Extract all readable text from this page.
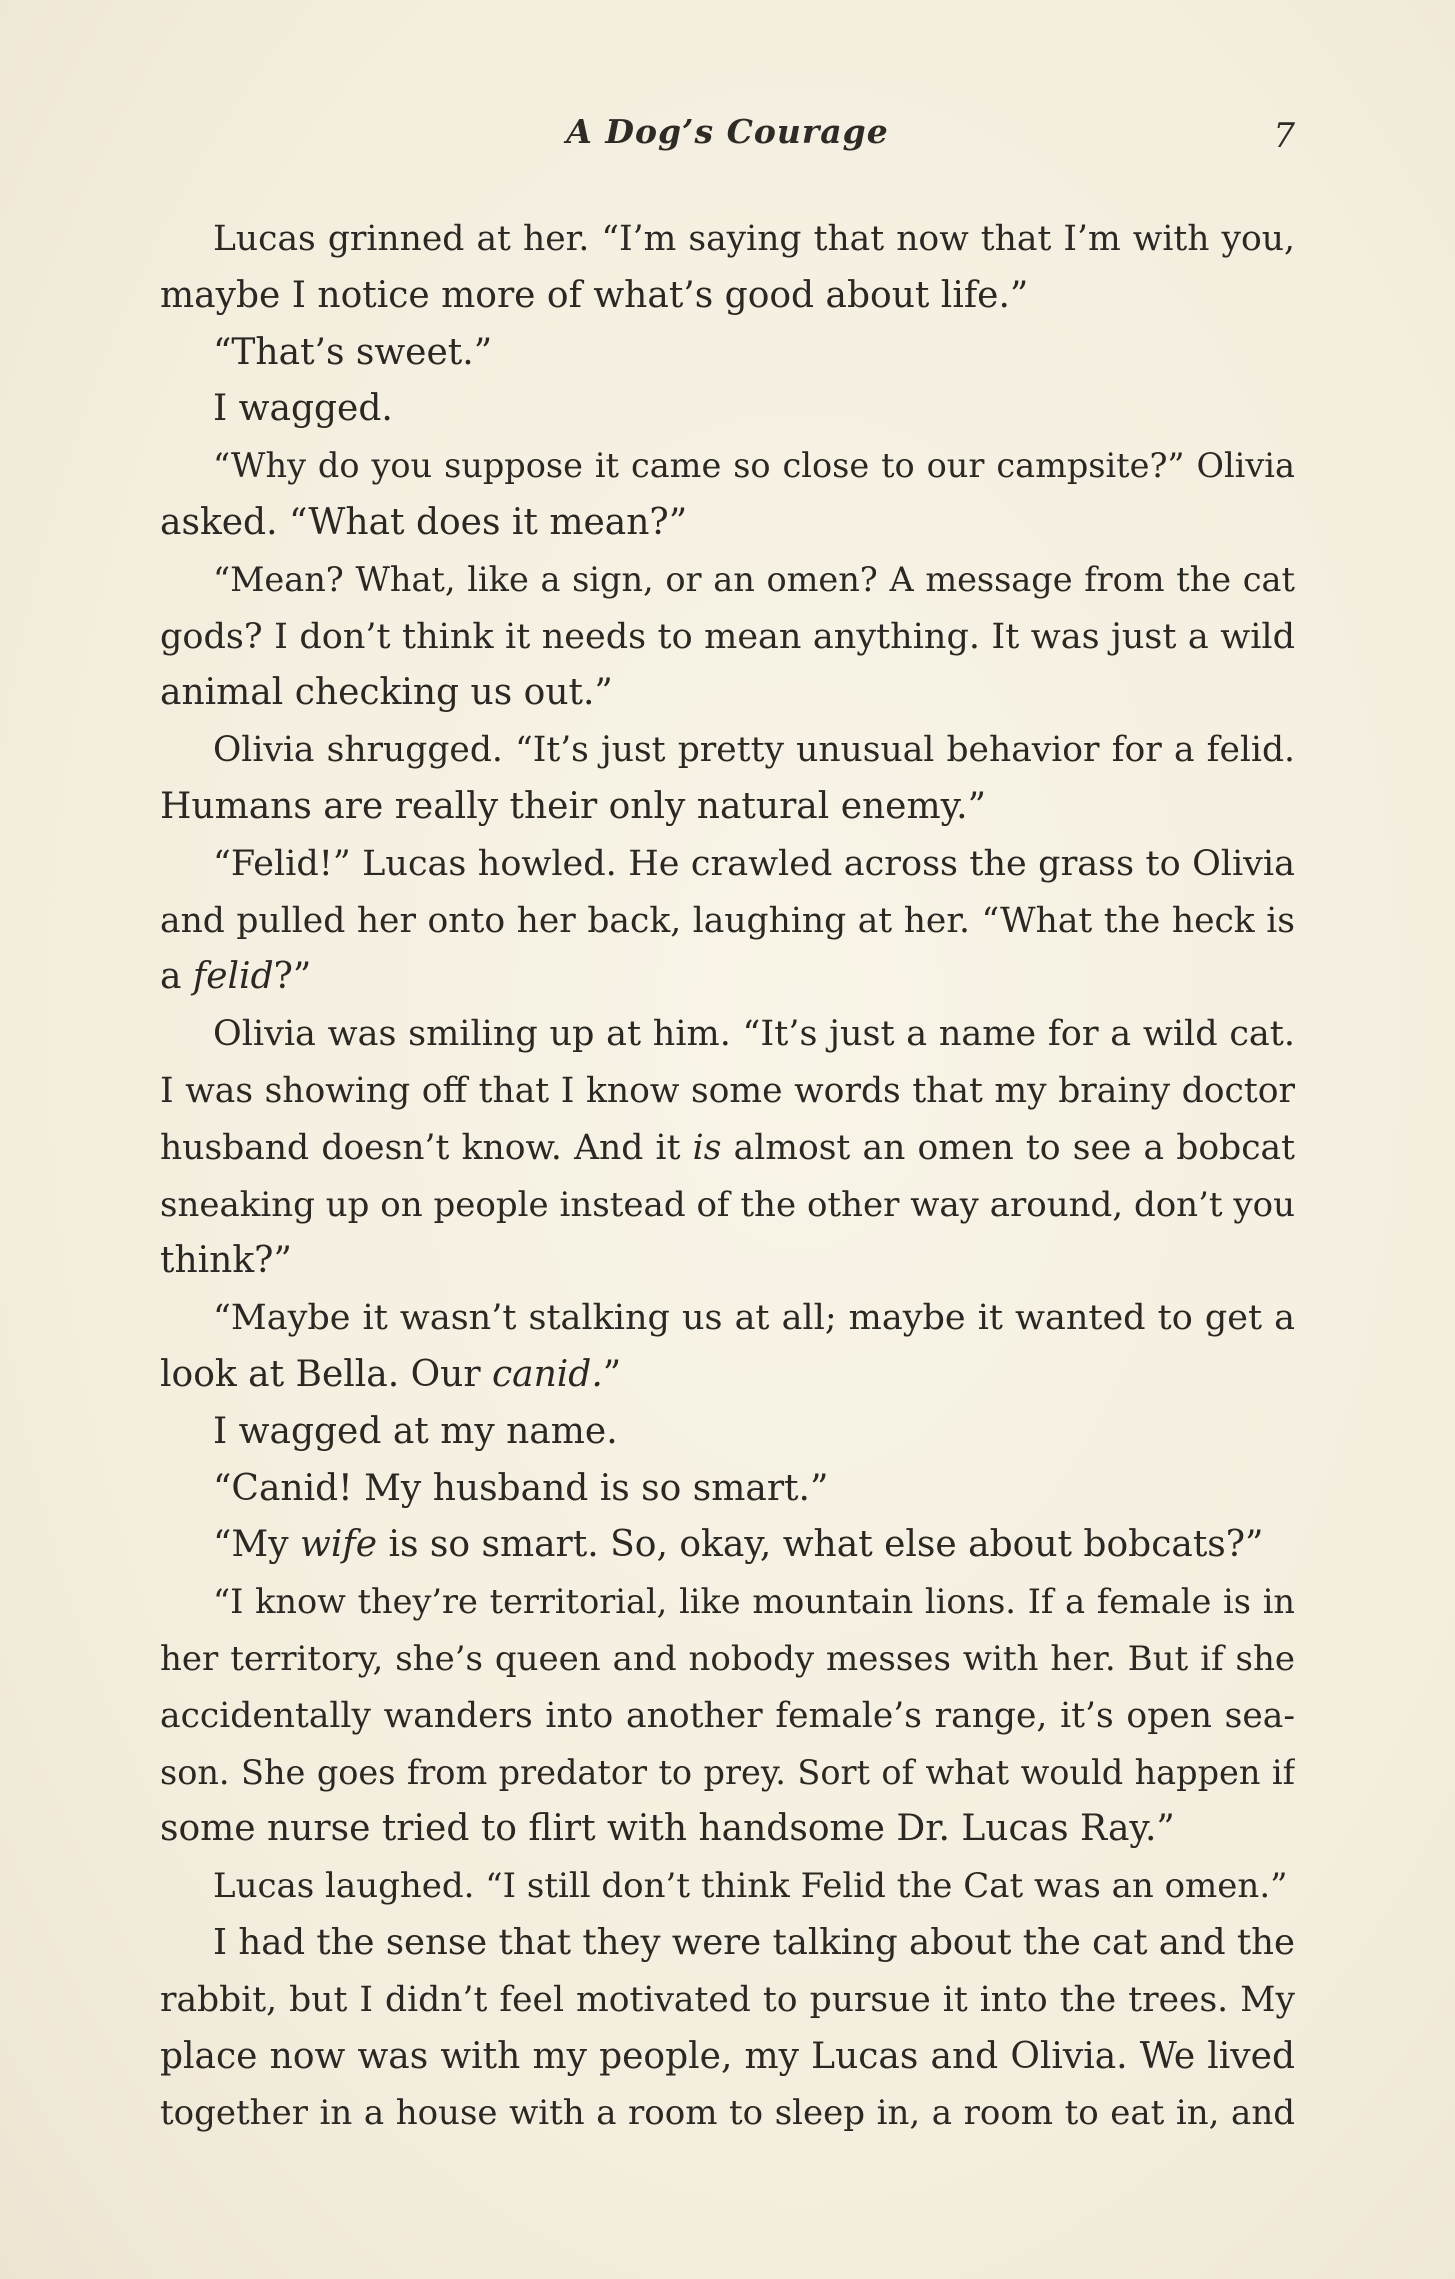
A Dog’s Courage	7
Lucas grinned at her. “I’m saying that now that I’m with you,
maybe I notice more of what’s good about life.”
“That’s sweet.”
I wagged.
“Why do you suppose it came so close to our campsite?” Olivia
asked. “What does it mean?”
“Mean? What, like a sign, or an omen? A message from the cat
gods? I don’t think it needs to mean anything. It was just a wild
animal checking us out.”
Olivia shrugged. “It’s just pretty unusual behavior for a felid.
Humans are really their only natural enemy.”
“Felid!” Lucas howled. He crawled across the grass to Olivia
and pulled her onto her back, laughing at her. “What the heck is
a felid?”
Olivia was smiling up at him. “It’s just a name for a wild cat.
I was showing off that I know some words that my brainy doctor
husband doesn’t know. And it is almost an omen to see a bobcat
sneaking up on people instead of the other way around, don’t you
think?”
“Maybe it wasn’t stalking us at all; maybe it wanted to get a
look at Bella. Our canid.”
I wagged at my name.
“Canid! My husband is so smart.”
“My wife is so smart. So, okay, what else about bobcats?”
“I know they’re territorial, like mountain lions. If a female is in
her territory, she’s queen and nobody messes with her. But if she
accidentally wanders into another female’s range, it’s open sea-
son. She goes from predator to prey. Sort of what would happen if
some nurse tried to flirt with handsome Dr. Lucas Ray.”
Lucas laughed. “I still don’t think Felid the Cat was an omen.”
I had the sense that they were talking about the cat and the
rabbit, but I didn’t feel motivated to pursue it into the trees. My
place now was with my people, my Lucas and Olivia. We lived
together in a house with a room to sleep in, a room to eat in, and
